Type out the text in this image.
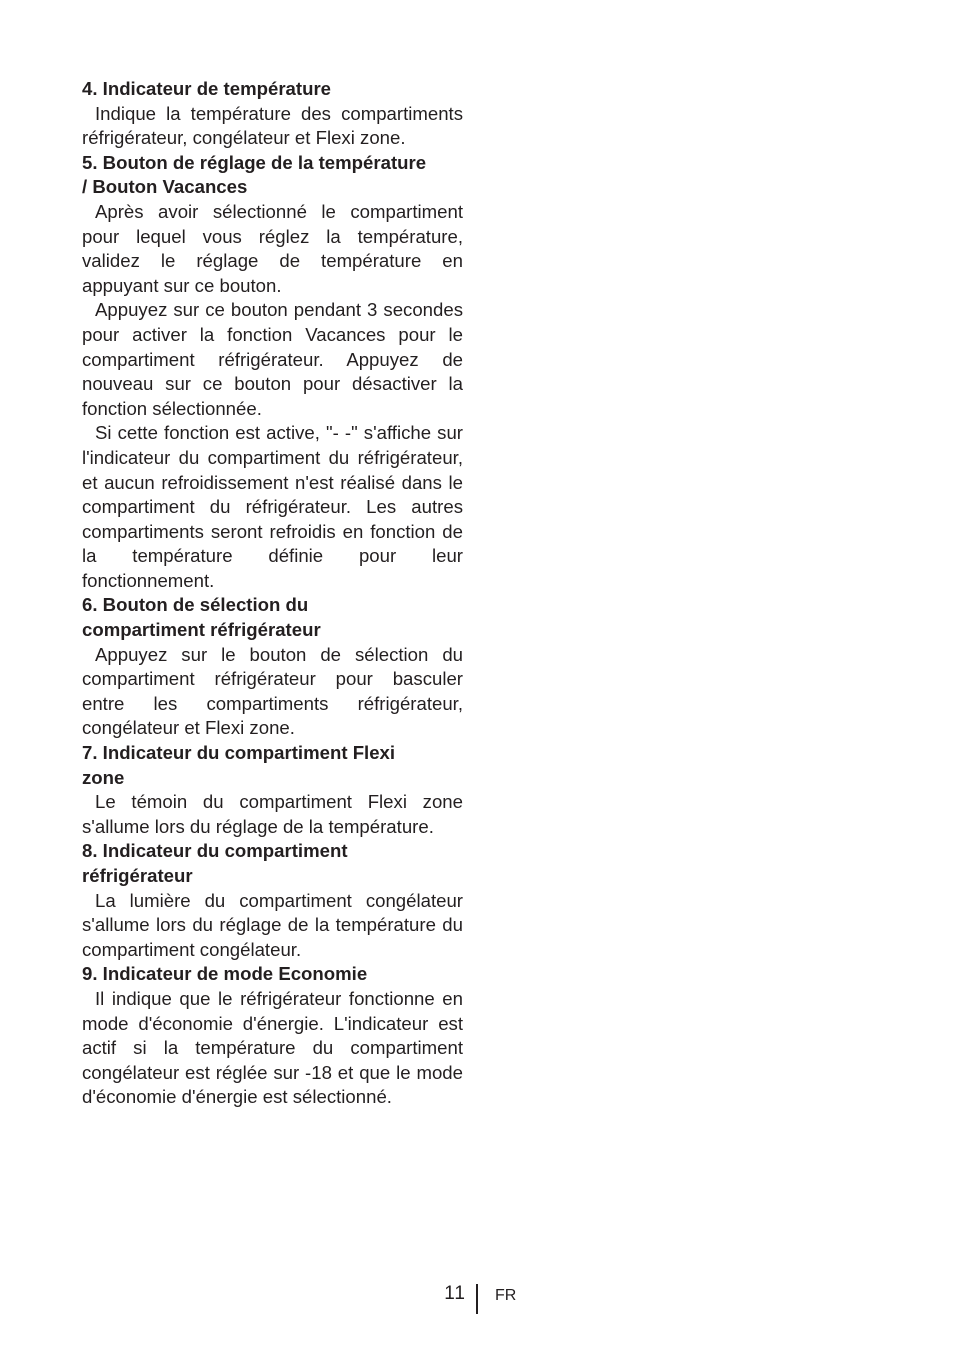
4. Indicateur de température
Indique la température des compartiments réfrigérateur, congélateur et Flexi zone.
5. Bouton de réglage de la température
/ Bouton Vacances
Après avoir sélectionné le compartiment pour lequel vous réglez la température, validez le réglage de température en appuyant sur ce bouton.
Appuyez sur ce bouton pendant 3 secondes pour activer la fonction Vacances pour le compartiment réfrigérateur. Appuyez de nouveau sur ce bouton pour désactiver la fonction sélectionnée.
Si cette fonction est active, "- -" s'affiche sur l'indicateur du compartiment du réfrigérateur, et aucun refroidissement n'est réalisé dans le compartiment du réfrigérateur. Les autres compartiments seront refroidis en fonction de la température définie pour leur fonctionnement.
6. Bouton de sélection du
compartiment réfrigérateur
Appuyez sur le bouton de sélection du compartiment réfrigérateur pour basculer entre les compartiments réfrigérateur, congélateur et Flexi zone.
7. Indicateur du compartiment Flexi
zone
Le témoin du compartiment Flexi zone s'allume lors du réglage de la température.
8. Indicateur du compartiment
réfrigérateur
La lumière du compartiment congélateur s'allume lors du réglage de la température du compartiment congélateur.
9. Indicateur de mode Economie
Il indique que le réfrigérateur fonctionne en mode d'économie d'énergie. L'indicateur est actif si la température du compartiment congélateur est réglée sur -18 et que le mode d'économie d'énergie est sélectionné.
11 FR
